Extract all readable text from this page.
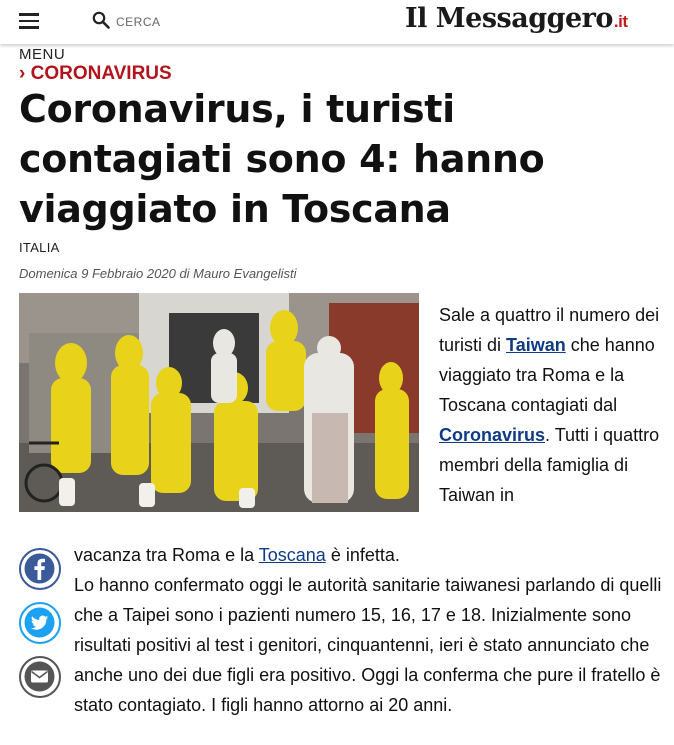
CERCA
Il Messaggero.it
MENU
› CORONAVIRUS
Coronavirus, i turisti contagiati sono 4: hanno viaggiato in Toscana
ITALIA
Domenica 9 Febbraio 2020 di Mauro Evangelisti
Sale a quattro il numero dei turisti di Taiwan che hanno viaggiato tra Roma e la Toscana contagiati dal Coronavirus. Tutti i quattro membri della famiglia di Taiwan in

vacanza tra Roma e la Toscana è infetta.

Lo hanno confermato oggi le autorità sanitarie taiwanesi parlando di quelli che a Taipei sono i pazienti numero 15, 16, 17 e 18. Inizialmente sono risultati positivi al test i genitori, cinquantenni, ieri è stato annunciato che anche uno dei due figli era positivo. Oggi la conferma che pure il fratello è stato contagiato. I figli hanno attorno ai 20 anni.
